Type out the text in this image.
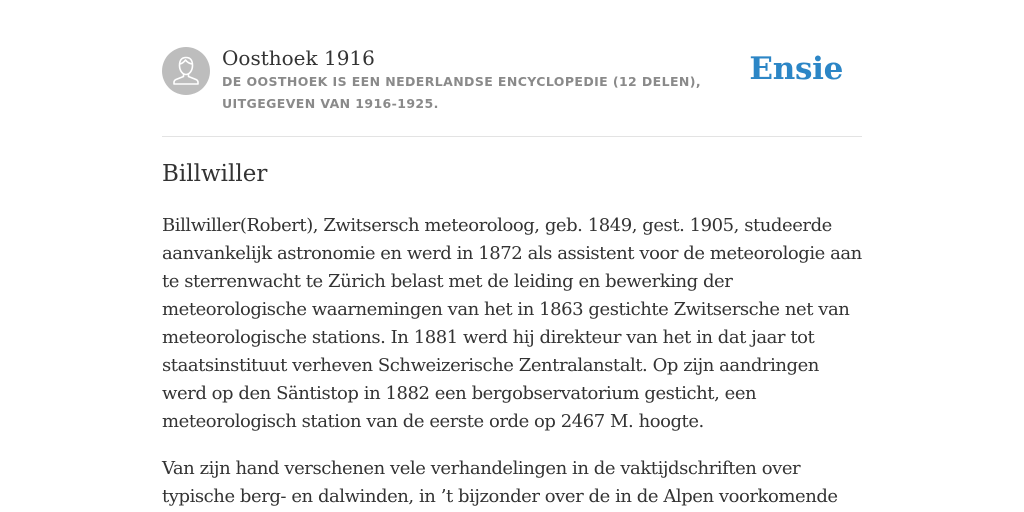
Oosthoek 1916
DE OOSTHOEK IS EEN NEDERLANDSE ENCYCLOPEDIE (12 DELEN), UITGEGEVEN VAN 1916-1925.
Ensie
Billwiller

Billwiller(Robert), Zwitsersch meteoroloog, geb. 1849, gest. 1905, studeerde aanvankelijk astronomie en werd in 1872 als assistent voor de meteorologie aan te sterrenwacht te Zürich belast met de leiding en bewerking der meteorologische waarnemingen van het in 1863 gestichte Zwitsersche net van meteorologische stations. In 1881 werd hij direkteur van het in dat jaar tot staatsinstituut verheven Schweizerische Zentralanstalt. Op zijn aandringen werd op den Säntistop in 1882 een bergobservatorium gesticht, een meteorologisch station van de eerste orde op 2467 M. hoogte.

Van zijn hand verschenen vele verhandelingen in de vaktijdschriften over typische berg- en dalwinden, in ’t bijzonder over de in de Alpen voorkomende
